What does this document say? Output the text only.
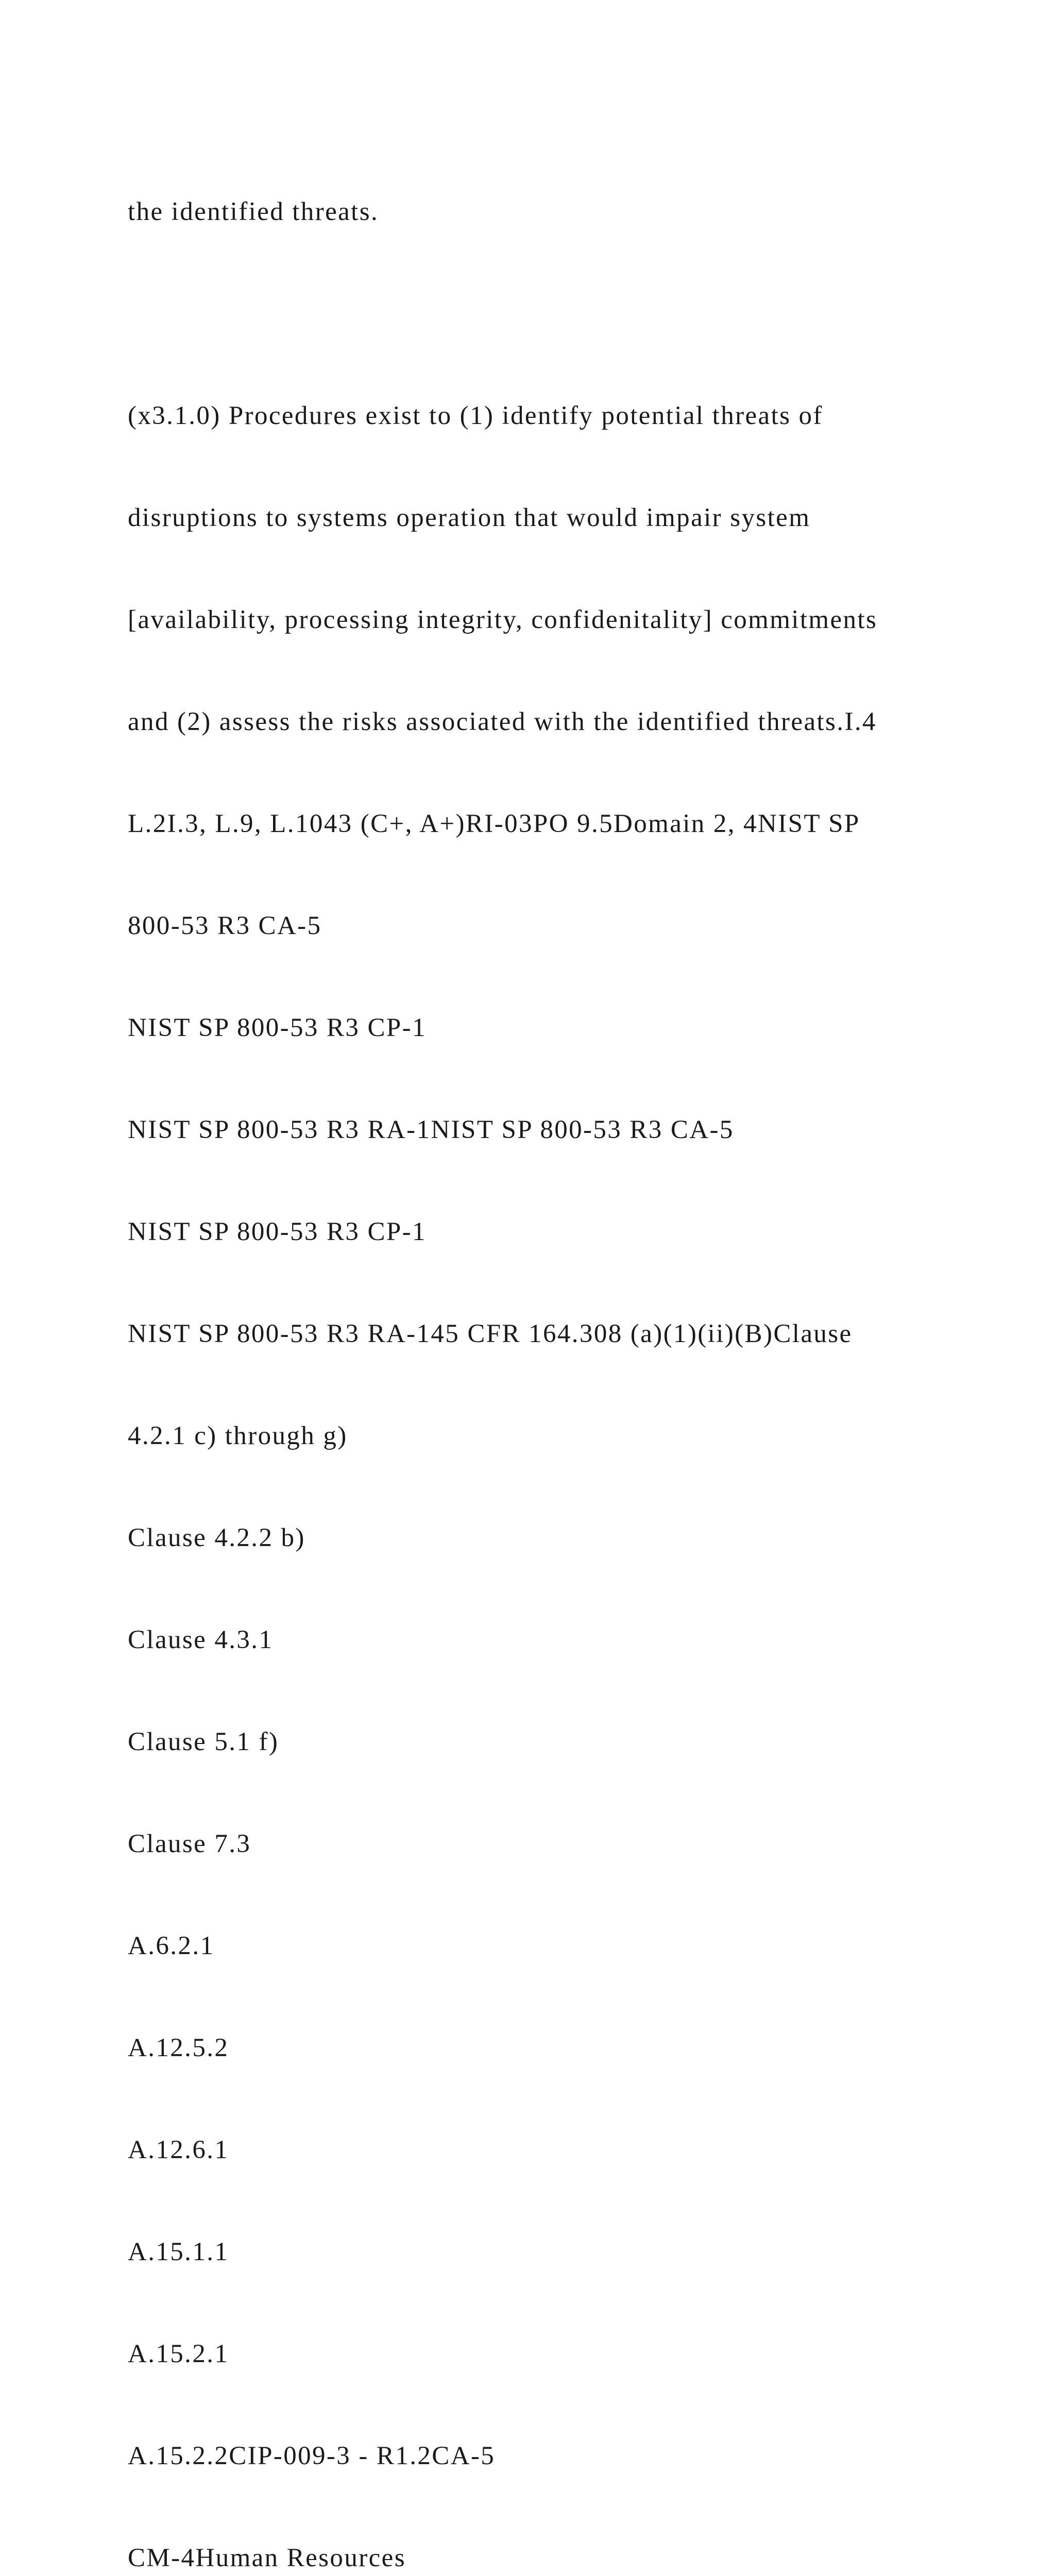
the identified threats.

(x3.1.0) Procedures exist to (1) identify potential threats of

disruptions to systems operation that would impair system

[availability, processing integrity, confidenitality] commitments

and (2) assess the risks associated with the identified threats.I.4

L.2I.3, L.9, L.1043 (C+, A+)RI-03PO 9.5Domain 2, 4NIST SP

800-53 R3 CA-5

NIST SP 800-53 R3 CP-1

NIST SP 800-53 R3 RA-1NIST SP 800-53 R3 CA-5

NIST SP 800-53 R3 CP-1

NIST SP 800-53 R3 RA-145 CFR 164.308 (a)(1)(ii)(B)Clause

4.2.1 c) through g)

Clause 4.2.2 b)

Clause 4.3.1

Clause 5.1 f)

Clause 7.3

A.6.2.1

A.12.5.2

A.12.6.1

A.15.1.1

A.15.2.1

A.15.2.2CIP-009-3 - R1.2CA-5

CM-4Human Resources
